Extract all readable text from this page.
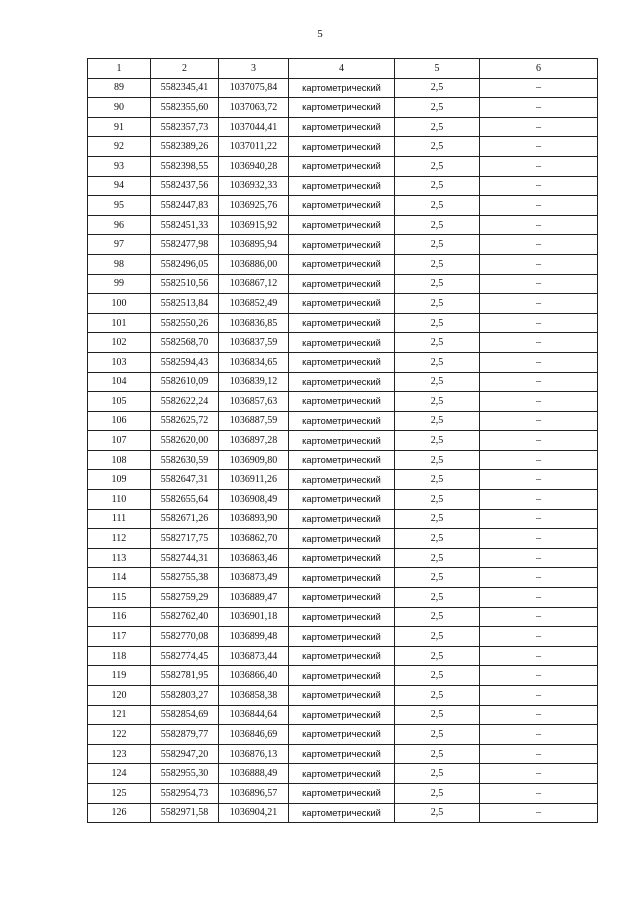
5
1	2	3	4	5	6
89	5582345,41	1037075,84	картометрический	2,5	–
90	5582355,60	1037063,72	картометрический	2,5	–
91	5582357,73	1037044,41	картометрический	2,5	–
92	5582389,26	1037011,22	картометрический	2,5	–
93	5582398,55	1036940,28	картометрический	2,5	–
94	5582437,56	1036932,33	картометрический	2,5	–
95	5582447,83	1036925,76	картометрический	2,5	–
96	5582451,33	1036915,92	картометрический	2,5	–
97	5582477,98	1036895,94	картометрический	2,5	–
98	5582496,05	1036886,00	картометрический	2,5	–
99	5582510,56	1036867,12	картометрический	2,5	–
100	5582513,84	1036852,49	картометрический	2,5	–
101	5582550,26	1036836,85	картометрический	2,5	–
102	5582568,70	1036837,59	картометрический	2,5	–
103	5582594,43	1036834,65	картометрический	2,5	–
104	5582610,09	1036839,12	картометрический	2,5	–
105	5582622,24	1036857,63	картометрический	2,5	–
106	5582625,72	1036887,59	картометрический	2,5	–
107	5582620,00	1036897,28	картометрический	2,5	–
108	5582630,59	1036909,80	картометрический	2,5	–
109	5582647,31	1036911,26	картометрический	2,5	–
110	5582655,64	1036908,49	картометрический	2,5	–
111	5582671,26	1036893,90	картометрический	2,5	–
112	5582717,75	1036862,70	картометрический	2,5	–
113	5582744,31	1036863,46	картометрический	2,5	–
114	5582755,38	1036873,49	картометрический	2,5	–
115	5582759,29	1036889,47	картометрический	2,5	–
116	5582762,40	1036901,18	картометрический	2,5	–
117	5582770,08	1036899,48	картометрический	2,5	–
118	5582774,45	1036873,44	картометрический	2,5	–
119	5582781,95	1036866,40	картометрический	2,5	–
120	5582803,27	1036858,38	картометрический	2,5	–
121	5582854,69	1036844,64	картометрический	2,5	–
122	5582879,77	1036846,69	картометрический	2,5	–
123	5582947,20	1036876,13	картометрический	2,5	–
124	5582955,30	1036888,49	картометрический	2,5	–
125	5582954,73	1036896,57	картометрический	2,5	–
126	5582971,58	1036904,21	картометрический	2,5	–
